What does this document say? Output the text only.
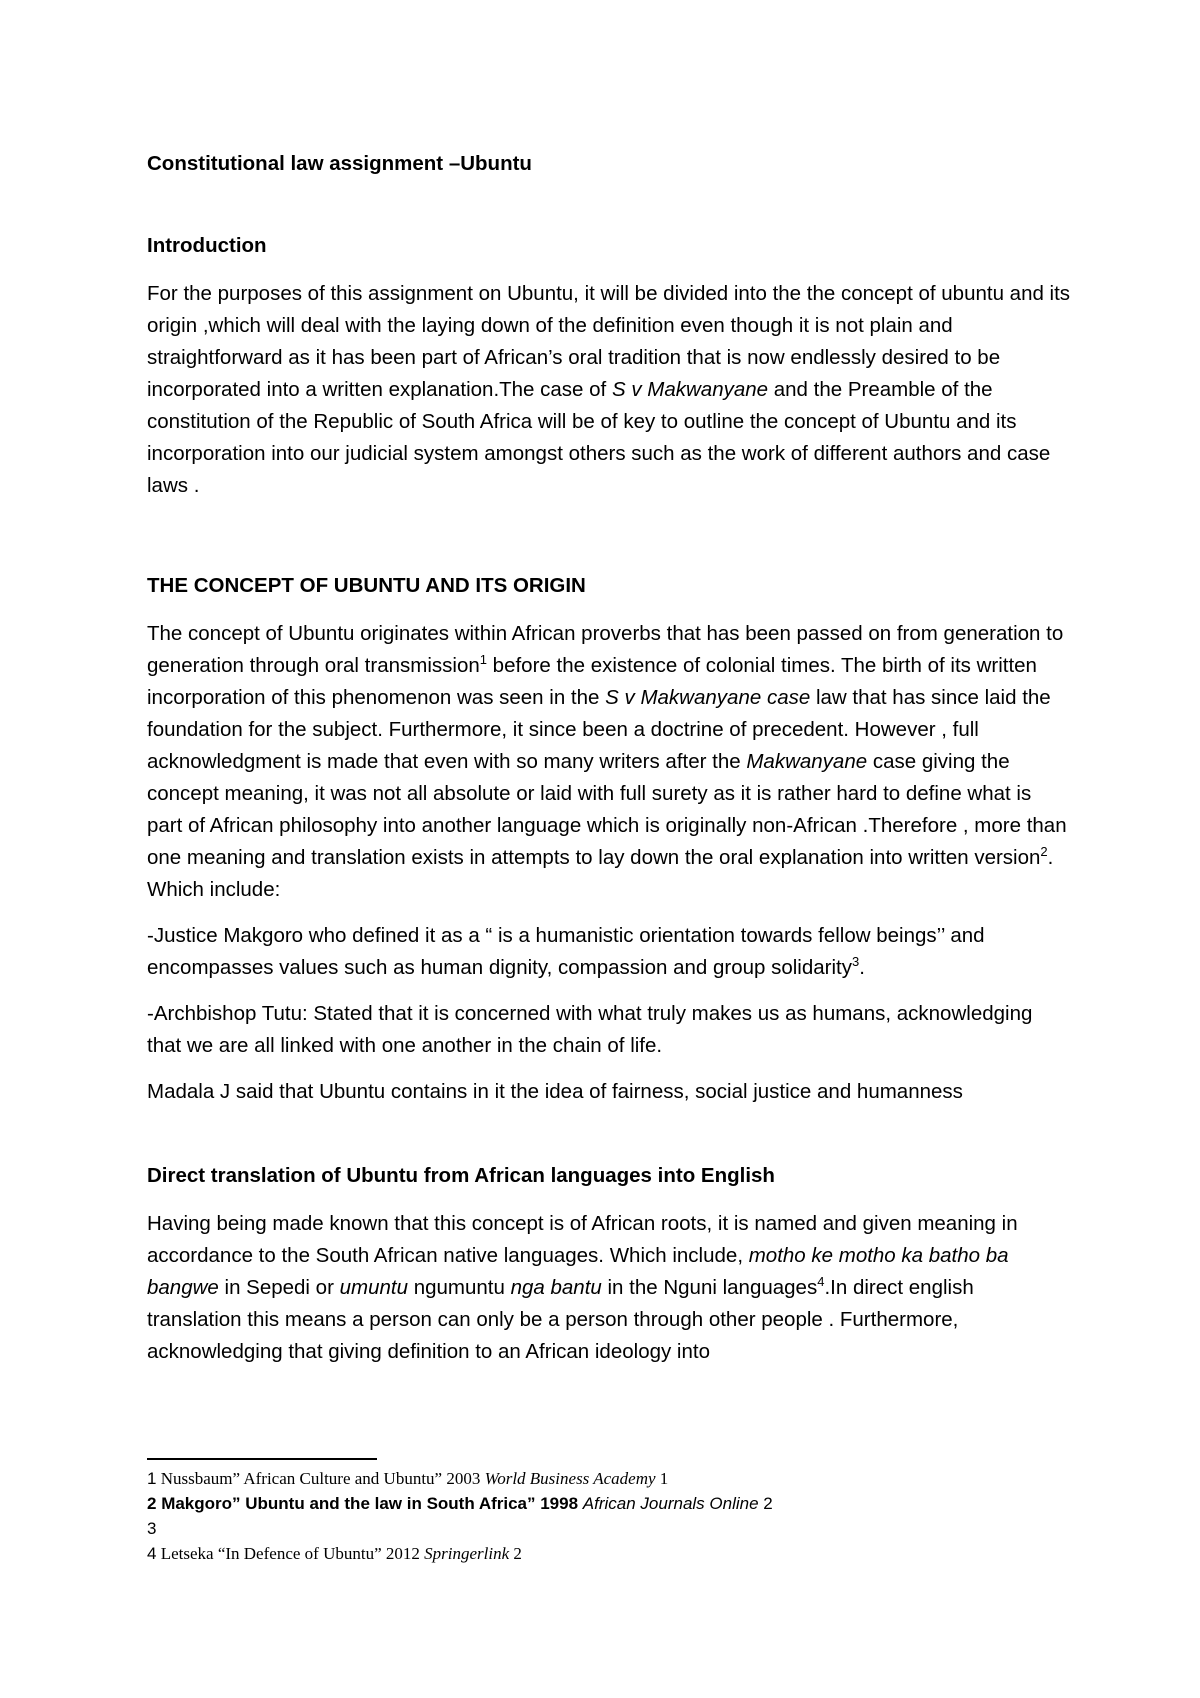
Constitutional law assignment –Ubuntu

Introduction

For the purposes of this assignment on Ubuntu, it will be divided into the the concept of ubuntu and its origin ,which will deal with the laying down of the definition even though it is not plain and straightforward as it has been part of African’s oral tradition that is now endlessly desired to be incorporated into a written explanation.The case of S v Makwanyane and the Preamble of the constitution of the Republic of South Africa will be of key to outline the concept of Ubuntu and its incorporation into our judicial system amongst others such as the work of different authors and case laws .

THE CONCEPT OF UBUNTU AND ITS ORIGIN

The concept of Ubuntu originates within African proverbs that has been passed on from generation to generation through oral transmission$^1$ before the existence of colonial times. The birth of its written incorporation of this phenomenon was seen in the S v Makwanyane case law that has since laid the foundation for the subject. Furthermore, it since been a doctrine of precedent. However , full acknowledgment is made that even with so many writers after the Makwanyane case giving the concept meaning, it was not all absolute or laid with full surety as it is rather hard to define what is part of African philosophy into another language which is originally non-African .Therefore , more than one meaning and translation exists in attempts to lay down the oral explanation into written version$^2$. Which include:

-Justice Makgoro who defined it as a “ is a humanistic orientation towards fellow beings’’ and encompasses values such as human dignity, compassion and group solidarity$^3$.

-Archbishop Tutu: Stated that it is concerned with what truly makes us as humans, acknowledging that we are all linked with one another in the chain of life.

Madala J said that Ubuntu contains in it the idea of fairness, social justice and humanness

Direct translation of Ubuntu from African languages into English

Having being made known that this concept is of African roots, it is named and given meaning in accordance to the South African native languages. Which include, motho ke motho ka batho ba bangwe in Sepedi or umuntu ngumuntu nga bantu in the Nguni languages$^4$.In direct english translation this means a person can only be a person through other people . Furthermore, acknowledging that giving definition to an African ideology into

1 Nussbaum” African Culture and Ubuntu” 2003 World Business Academy 1

2 Makgoro” Ubuntu and the law in South Africa” 1998 African Journals Online 2

3

4 Letseka “In Defence of Ubuntu” 2012 Springerlink 2
